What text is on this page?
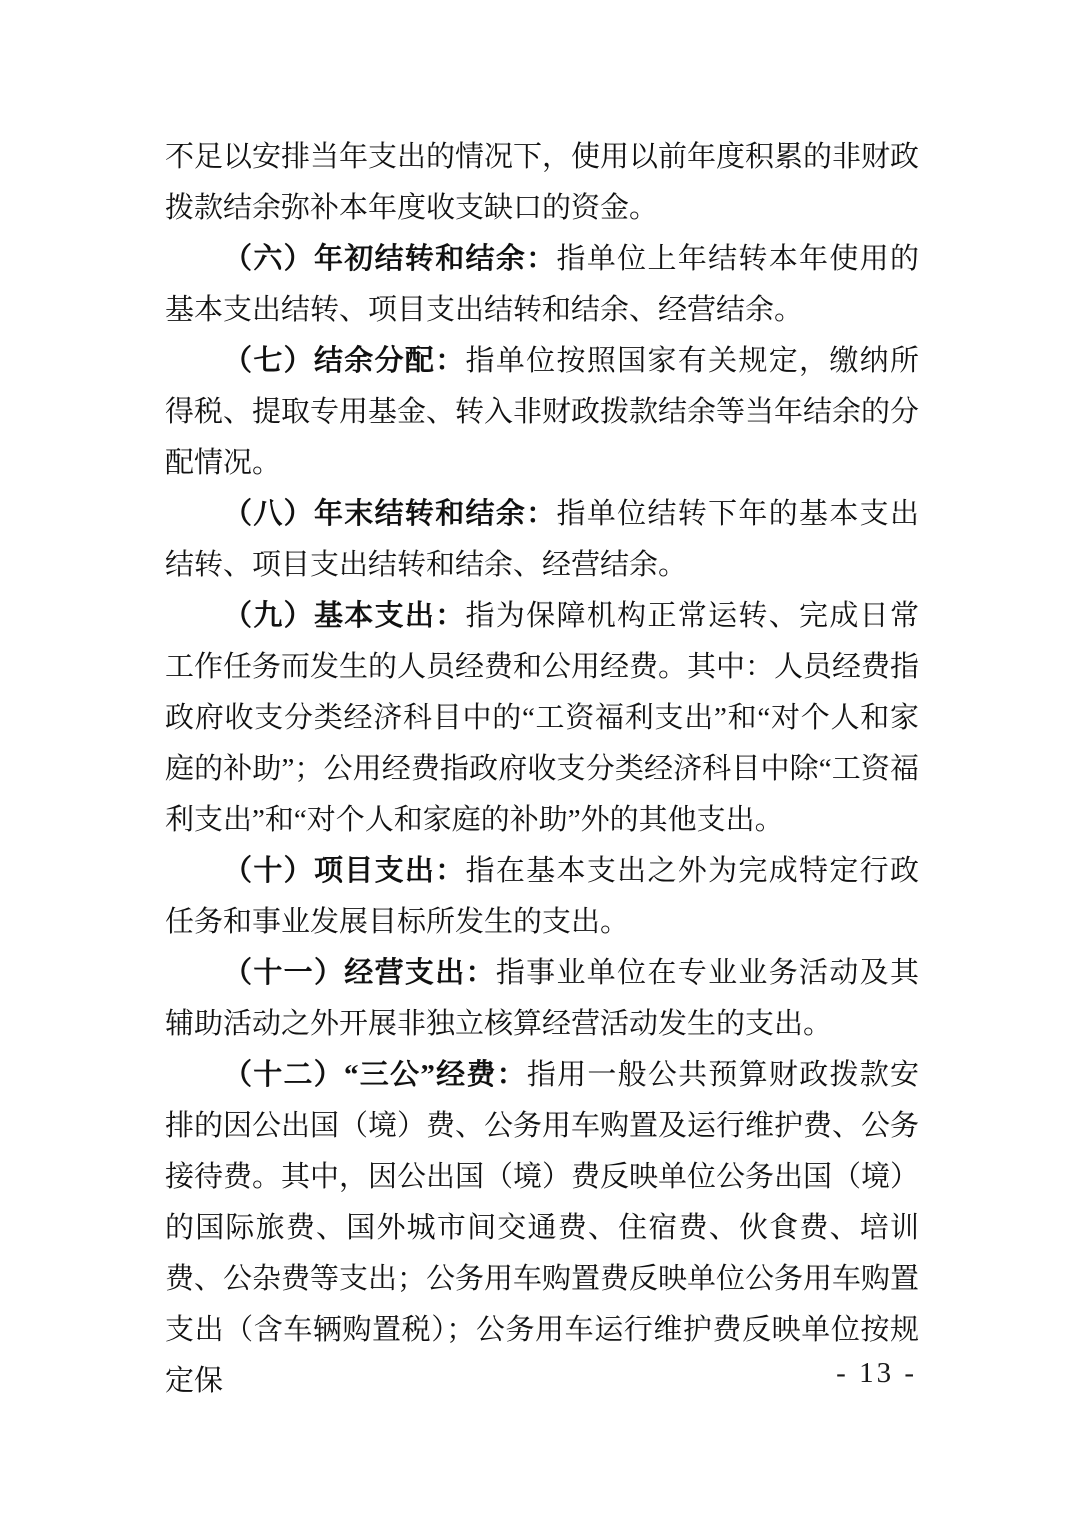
不足以安排当年支出的情况下，使用以前年度积累的非财政拨款结余弥补本年度收支缺口的资金。

（六）年初结转和结余：指单位上年结转本年使用的基本支出结转、项目支出结转和结余、经营结余。

（七）结余分配：指单位按照国家有关规定，缴纳所得税、提取专用基金、转入非财政拨款结余等当年结余的分配情况。

（八）年末结转和结余：指单位结转下年的基本支出结转、项目支出结转和结余、经营结余。

（九）基本支出：指为保障机构正常运转、完成日常工作任务而发生的人员经费和公用经费。其中：人员经费指政府收支分类经济科目中的“工资福利支出”和“对个人和家庭的补助”；公用经费指政府收支分类经济科目中除“工资福利支出”和“对个人和家庭的补助”外的其他支出。

（十）项目支出：指在基本支出之外为完成特定行政任务和事业发展目标所发生的支出。

（十一）经营支出：指事业单位在专业业务活动及其辅助活动之外开展非独立核算经营活动发生的支出。

（十二）“三公”经费：指用一般公共预算财政拨款安排的因公出国（境）费、公务用车购置及运行维护费、公务接待费。其中，因公出国（境）费反映单位公务出国（境）的国际旅费、国外城市间交通费、住宿费、伙食费、培训费、公杂费等支出；公务用车购置费反映单位公务用车购置支出（含车辆购置税）；公务用车运行维护费反映单位按规定保	- 13 -
